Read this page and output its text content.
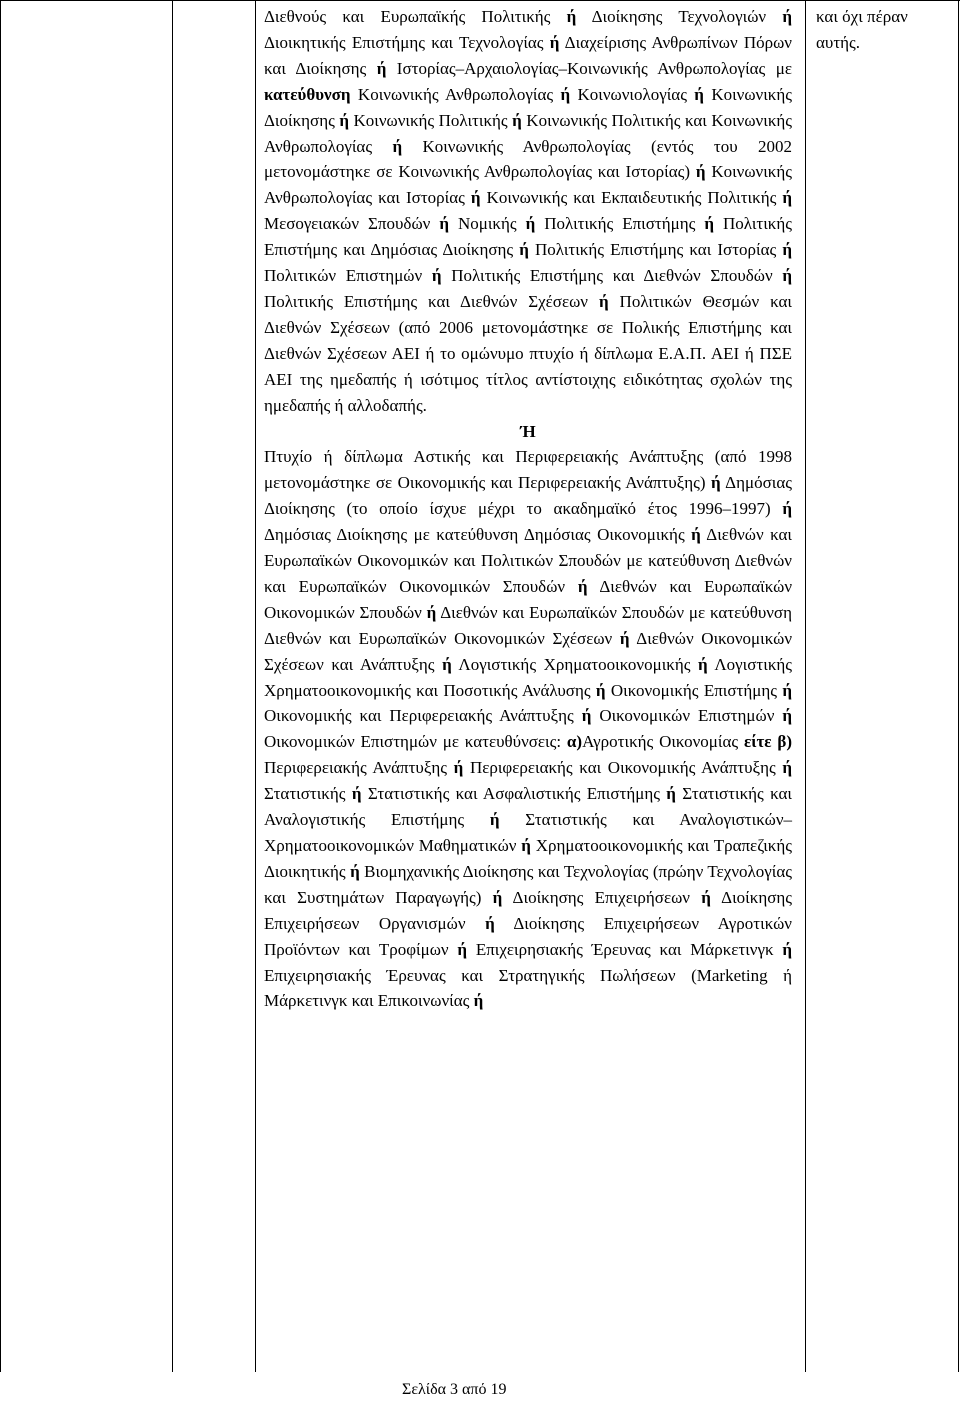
Διεθνούς και Ευρωπαϊκής Πολιτικής ή Διοίκησης Τεχνολογιών ή Διοικητικής Επιστήμης και Τεχνολογίας ή Διαχείρισης Ανθρωπίνων Πόρων και Διοίκησης ή Ιστορίας–Αρχαιολογίας–Κοινωνικής Ανθρωπολογίας με κατεύθυνση Κοινωνικής Ανθρωπολογίας ή Κοινωνιολογίας ή Κοινωνικής Διοίκησης ή Κοινωνικής Πολιτικής ή Κοινωνικής Πολιτικής και Κοινωνικής Ανθρωπολογίας ή Κοινωνικής Ανθρωπολογίας (εντός του 2002 μετονομάστηκε σε Κοινωνικής Ανθρωπολογίας και Ιστορίας) ή Κοινωνικής Ανθρωπολογίας και Ιστορίας ή Κοινωνικής και Εκπαιδευτικής Πολιτικής ή Μεσογειακών Σπουδών ή Νομικής ή Πολιτικής Επιστήμης ή Πολιτικής Επιστήμης και Δημόσιας Διοίκησης ή Πολιτικής Επιστήμης και Ιστορίας ή Πολιτικών Επιστημών ή Πολιτικής Επιστήμης και Διεθνών Σπουδών ή Πολιτικής Επιστήμης και Διεθνών Σχέσεων ή Πολιτικών Θεσμών και Διεθνών Σχέσεων (από 2006 μετονομάστηκε σε Πολικής Επιστήμης και Διεθνών Σχέσεων ΑΕΙ ή το ομώνυμο πτυχίο ή δίπλωμα Ε.Α.Π. ΑΕΙ ή ΠΣΕ ΑΕΙ της ημεδαπής ή ισότιμος τίτλος αντίστοιχης ειδικότητας σχολών της ημεδαπής ή αλλοδαπής.

Ή

Πτυχίο ή δίπλωμα Αστικής και Περιφερειακής Ανάπτυξης (από 1998 μετονομάστηκε σε Οικονομικής και Περιφερειακής Ανάπτυξης) ή Δημόσιας Διοίκησης (το οποίο ίσχυε μέχρι το ακαδημαϊκό έτος 1996–1997) ή Δημόσιας Διοίκησης με κατεύθυνση Δημόσιας Οικονομικής ή Διεθνών και Ευρωπαϊκών Οικονομικών και Πολιτικών Σπουδών με κατεύθυνση Διεθνών και Ευρωπαϊκών Οικονομικών Σπουδών ή Διεθνών και Ευρωπαϊκών Οικονομικών Σπουδών ή Διεθνών και Ευρωπαϊκών Σπουδών με κατεύθυνση Διεθνών και Ευρωπαϊκών Οικονομικών Σχέσεων ή Διεθνών Οικονομικών Σχέσεων και Ανάπτυξης ή Λογιστικής Χρηματοοικονομικής ή Λογιστικής Χρηματοοικονομικής και Ποσοτικής Ανάλυσης ή Οικονομικής Επιστήμης ή Οικονομικής και Περιφερειακής Ανάπτυξης ή Οικονομικών Επιστημών ή Οικονομικών Επιστημών με κατευθύνσεις: α)Αγροτικής Οικονομίας είτε β) Περιφερειακής Ανάπτυξης ή Περιφερειακής και Οικονομικής Ανάπτυξης ή Στατιστικής ή Στατιστικής και Ασφαλιστικής Επιστήμης ή Στατιστικής και Αναλογιστικής Επιστήμης ή Στατιστικής και Αναλογιστικών–Χρηματοοικονομικών Μαθηματικών ή Χρηματοοικονομικής και Τραπεζικής Διοικητικής ή Βιομηχανικής Διοίκησης και Τεχνολογίας (πρώην Τεχνολογίας και Συστημάτων Παραγωγής) ή Διοίκησης Επιχειρήσεων ή Διοίκησης Επιχειρήσεων Οργανισμών ή Διοίκησης Επιχειρήσεων Αγροτικών Προϊόντων και Τροφίμων ή Επιχειρησιακής Έρευνας και Μάρκετινγκ ή Επιχειρησιακής Έρευνας και Στρατηγικής Πωλήσεων (Marketing ή Μάρκετινγκ και Επικοινωνίας ή

και όχι πέραν αυτής.
Σελίδα 3 από 19
